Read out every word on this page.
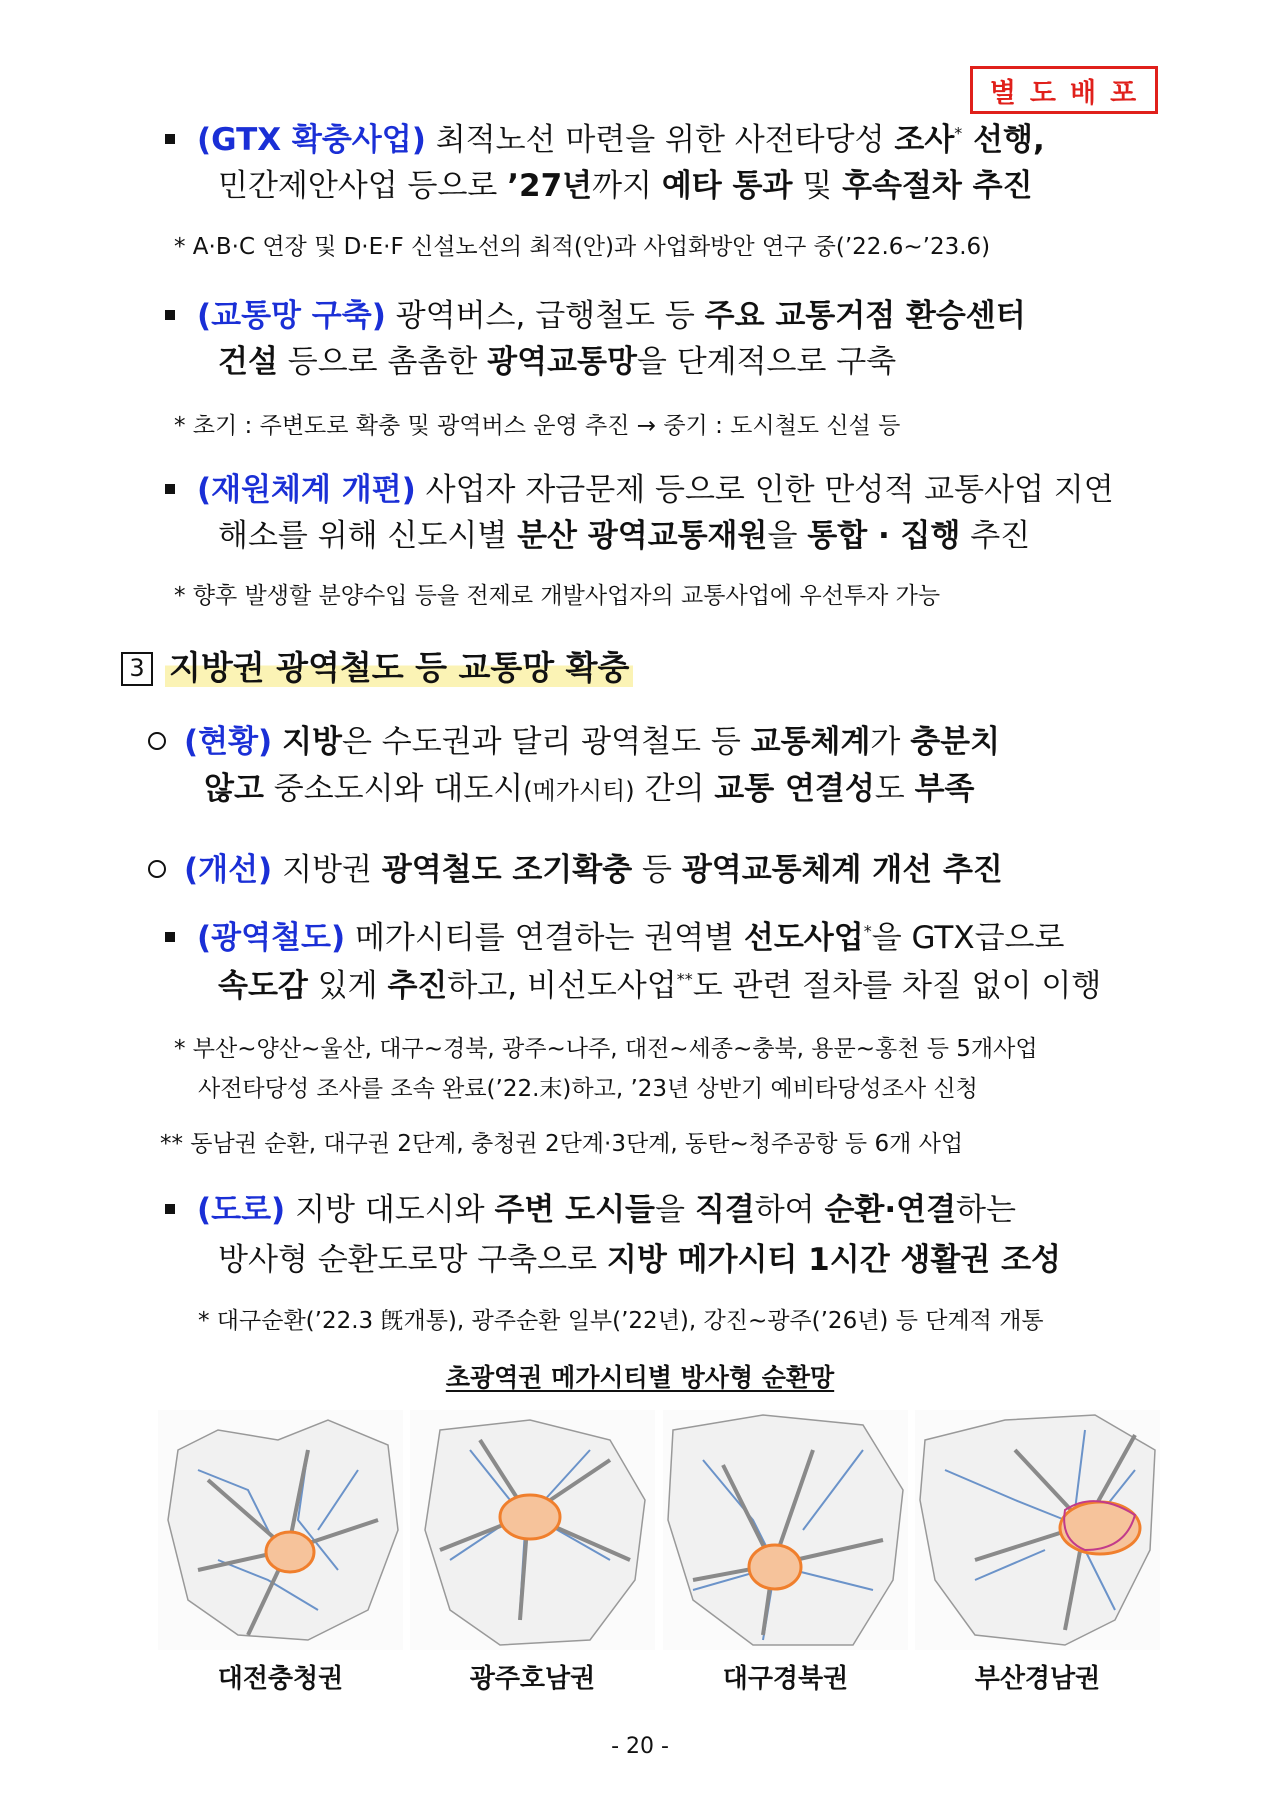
별도배포
(GTX 확충사업) 최적노선 마련을 위한 사전타당성 조사* 선행,
민간제안사업 등으로 ’27년까지 예타 통과 및 후속절차 추진
* A·B·C 연장 및 D·E·F 신설노선의 최적(안)과 사업화방안 연구 중(’22.6~’23.6)
(교통망 구축) 광역버스, 급행철도 등 주요 교통거점 환승센터
건설 등으로 촘촘한 광역교통망을 단계적으로 구축
* 초기 : 주변도로 확충 및 광역버스 운영 추진 → 중기 : 도시철도 신설 등
(재원체계 개편) 사업자 자금문제 등으로 인한 만성적 교통사업 지연
해소를 위해 신도시별 분산 광역교통재원을 통합 · 집행 추진
* 향후 발생할 분양수입 등을 전제로 개발사업자의 교통사업에 우선투자 가능
3 지방권 광역철도 등 교통망 확충
(현황) 지방은 수도권과 달리 광역철도 등 교통체계가 충분치
않고 중소도시와 대도시(메가시티) 간의 교통 연결성도 부족
(개선) 지방권 광역철도 조기확충 등 광역교통체계 개선 추진
(광역철도) 메가시티를 연결하는 권역별 선도사업*을 GTX급으로
속도감 있게 추진하고, 비선도사업**도 관련 절차를 차질 없이 이행
* 부산~양산~울산, 대구~경북, 광주~나주, 대전~세종~충북, 용문~홍천 등 5개사업
사전타당성 조사를 조속 완료(’22.末)하고, ’23년 상반기 예비타당성조사 신청
** 동남권 순환, 대구권 2단계, 충청권 2단계·3단계, 동탄~청주공항 등 6개 사업
(도로) 지방 대도시와 주변 도시들을 직결하여 순환·연결하는
방사형 순환도로망 구축으로 지방 메가시티 1시간 생활권 조성
* 대구순환(’22.3 旣개통), 광주순환 일부(’22년), 강진~광주(’26년) 등 단계적 개통
초광역권 메가시티별 방사형 순환망
대전충청권	광주호남권	대구경북권	부산경남권
- 20 -
